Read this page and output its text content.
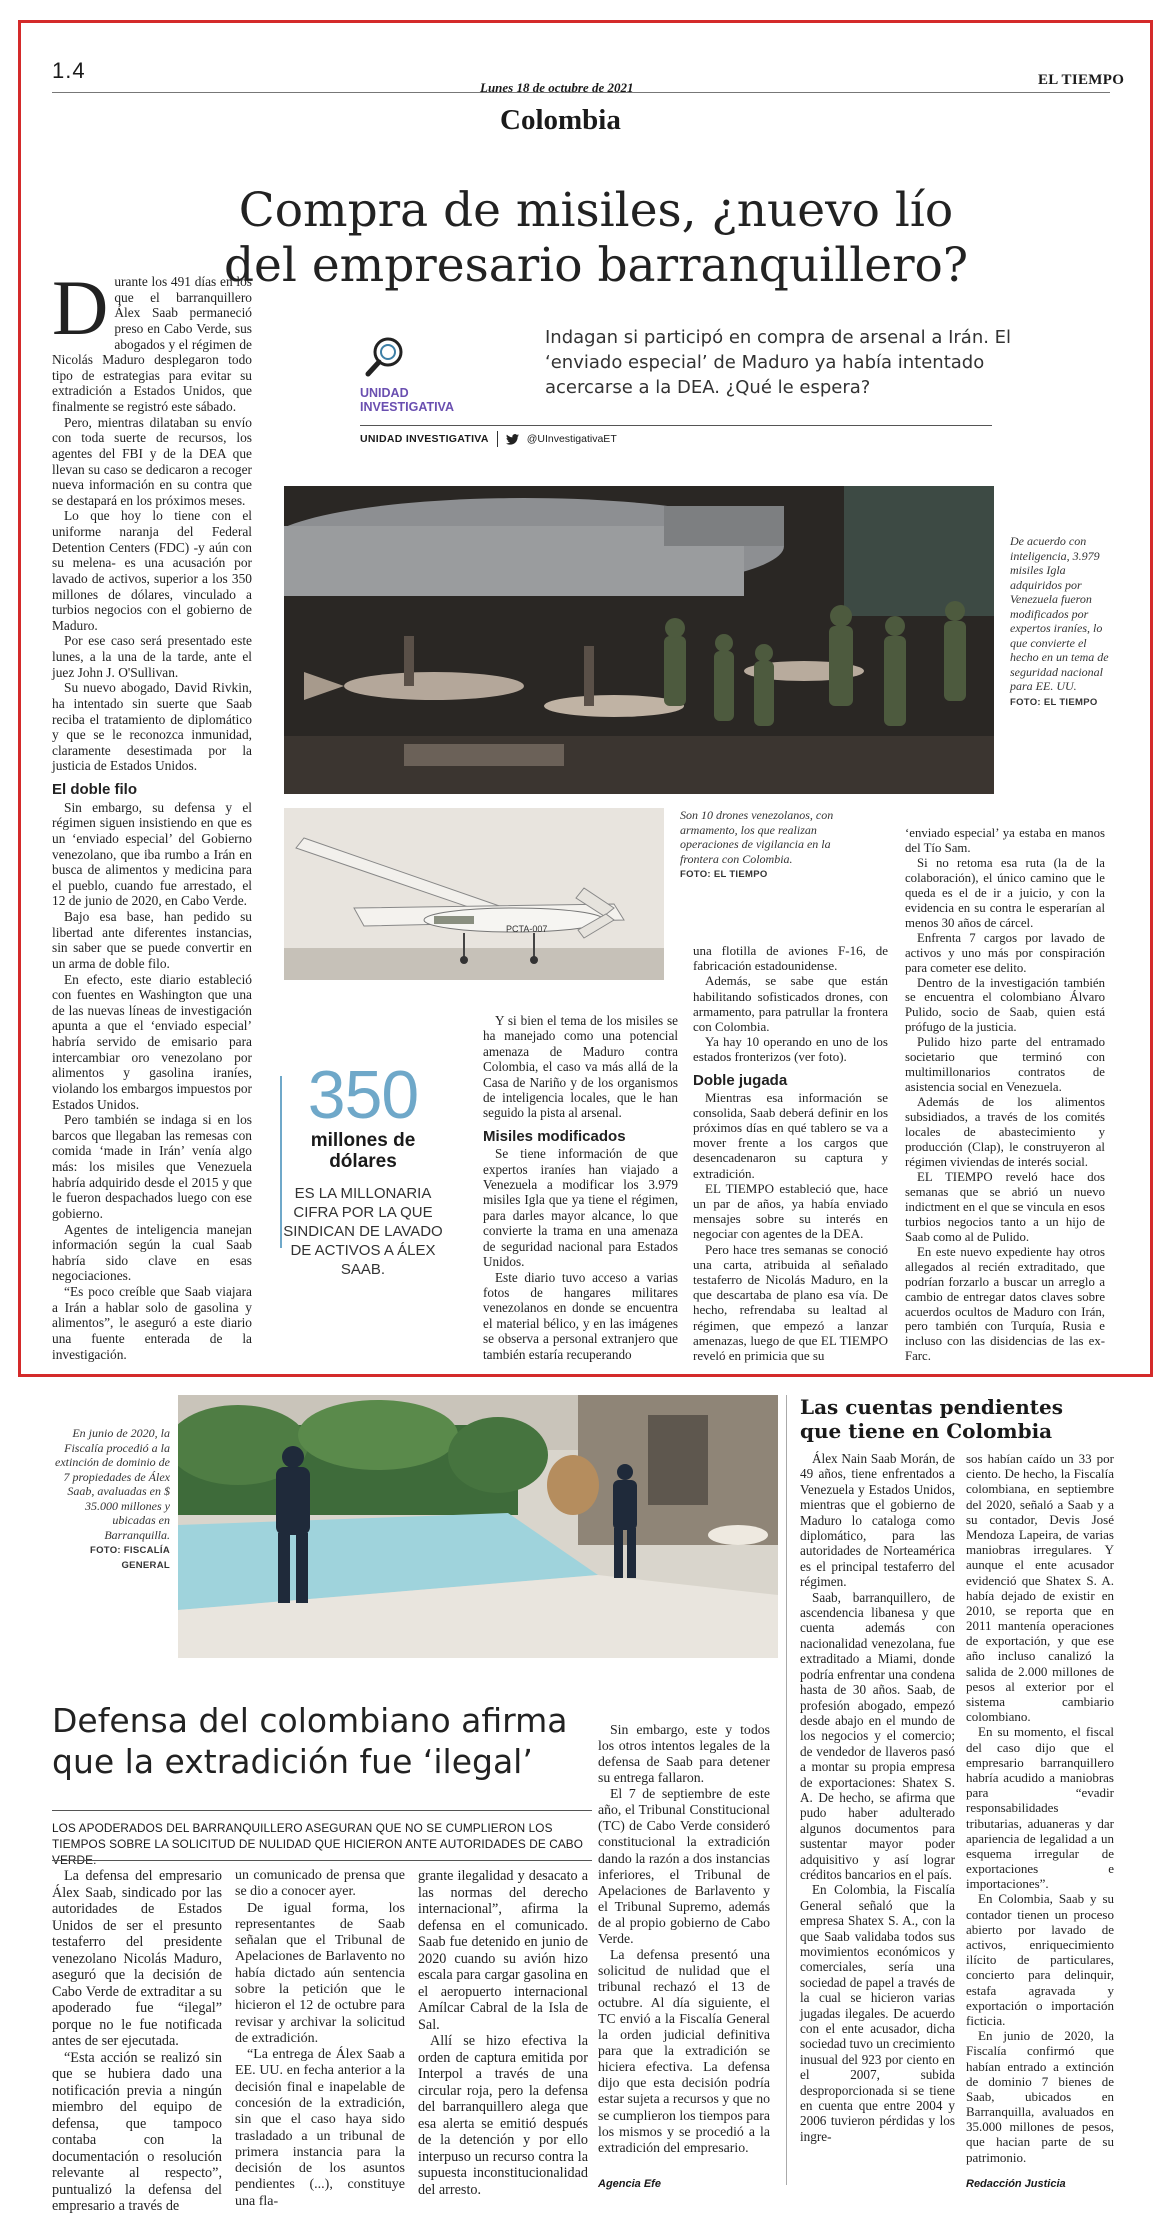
1.4
Lunes 18 de octubre de 2021	EL TIEMPO
Colombia
Compra de misiles, ¿nuevo lío
del empresario barranquillero?
UNIDAD
INVESTIGATIVA
Indagan si participó en compra de arsenal a Irán. El ‘enviado especial’ de Maduro ya había intentado acercarse a la DEA. ¿Qué le espera?
UNIDAD INVESTIGATIVA	@UInvestigativaET
D urante los 491 días en los que el barranquillero Álex Saab permaneció preso en Cabo Verde, sus abogados y el régimen de Nicolás Maduro desplegaron todo tipo de estrategias para evitar su extradición a Estados Unidos, que finalmente se registró este sábado.

Pero, mientras dilataban su envío con toda suerte de recursos, los agentes del FBI y de la DEA que llevan su caso se dedicaron a recoger nueva información en su contra que se destapará en los próximos meses.

Lo que hoy lo tiene con el uniforme naranja del Federal Detention Centers (FDC) -y aún con su melena- es una acusación por lavado de activos, superior a los 350 millones de dólares, vinculado a turbios negocios con el gobierno de Maduro.

Por ese caso será presentado este lunes, a la una de la tarde, ante el juez John J. O'Sullivan.

Su nuevo abogado, David Rivkin, ha intentado sin suerte que Saab reciba el tratamiento de diplomático y que se le reconozca inmunidad, claramente desestimada por la justicia de Estados Unidos.

El doble filo

Sin embargo, su defensa y el régimen siguen insistiendo en que es un ‘enviado especial’ del Gobierno venezolano, que iba rumbo a Irán en busca de alimentos y medicina para el pueblo, cuando fue arrestado, el 12 de junio de 2020, en Cabo Verde.

Bajo esa base, han pedido su libertad ante diferentes instancias, sin saber que se puede convertir en un arma de doble filo.

En efecto, este diario estableció con fuentes en Washington que una de las nuevas líneas de investigación apunta a que el ‘enviado especial’ habría servido de emisario para intercambiar oro venezolano por alimentos y gasolina iraníes, violando los embargos impuestos por Estados Unidos.

Pero también se indaga si en los barcos que llegaban las remesas con comida ‘made in Irán’ venía algo más: los misiles que Venezuela habría adquirido desde el 2015 y que le fueron despachados luego con ese gobierno.

Agentes de inteligencia manejan información según la cual Saab habría sido clave en esas negociaciones.

“Es poco creíble que Saab viajara a Irán a hablar solo de gasolina y alimentos”, le aseguró a este diario una fuente enterada de la investigación.

De acuerdo con inteligencia, 3.979 misiles Igla adquiridos por Venezuela fueron modificados por expertos iraníes, lo que convierte el hecho en un tema de seguridad nacional para EE. UU.
FOTO: EL TIEMPO
PCTA-007
Son 10 drones venezolanos, con armamento, los que realizan operaciones de vigilancia en la frontera con Colombia.
FOTO: EL TIEMPO
350
millones de
dólares
ES LA MILLONARIA CIFRA POR LA QUE SINDICAN DE LAVADO DE ACTIVOS A ÁLEX SAAB.

Y si bien el tema de los misiles se ha manejado como una potencial amenaza de Maduro contra Colombia, el caso va más allá de la Casa de Nariño y de los organismos de inteligencia locales, que le han seguido la pista al arsenal.

Misiles modificados

Se tiene información de que expertos iraníes han viajado a Venezuela a modificar los 3.979 misiles Igla que ya tiene el régimen, para darles mayor alcance, lo que convierte la trama en una amenaza de seguridad nacional para Estados Unidos.

Este diario tuvo acceso a varias fotos de hangares militares venezolanos en donde se encuentra el material bélico, y en las imágenes se observa a personal extranjero que también estaría recuperando

una flotilla de aviones F-16, de fabricación estadounidense.

Además, se sabe que están habilitando sofisticados drones, con armamento, para patrullar la frontera con Colombia.

Ya hay 10 operando en uno de los estados fronterizos (ver foto).

Doble jugada

Mientras esa información se consolida, Saab deberá definir en los próximos días en qué tablero se va a mover frente a los cargos que desencadenaron su captura y extradición.

EL TIEMPO estableció que, hace un par de años, ya había enviado mensajes sobre su interés en negociar con agentes de la DEA.

Pero hace tres semanas se conoció una carta, atribuida al señalado testaferro de Nicolás Maduro, en la que descartaba de plano esa vía. De hecho, refrendaba su lealtad al régimen, que empezó a lanzar amenazas, luego de que EL TIEMPO reveló en primicia que su

‘enviado especial’ ya estaba en manos del Tío Sam.

Si no retoma esa ruta (la de la colaboración), el único camino que le queda es el de ir a juicio, y con la evidencia en su contra le esperarían al menos 30 años de cárcel.

Enfrenta 7 cargos por lavado de activos y uno más por conspiración para cometer ese delito.

Dentro de la investigación también se encuentra el colombiano Álvaro Pulido, socio de Saab, quien está prófugo de la justicia.

Pulido hizo parte del entramado societario que terminó con multimillonarios contratos de asistencia social en Venezuela.

Además de los alimentos subsidiados, a través de los comités locales de abastecimiento y producción (Clap), le construyeron al régimen viviendas de interés social.

EL TIEMPO reveló hace dos semanas que se abrió un nuevo indictment en el que se vincula en esos turbios negocios tanto a un hijo de Saab como al de Pulido.

En este nuevo expediente hay otros allegados al recién extraditado, que podrían forzarlo a buscar un arreglo a cambio de entregar datos claves sobre acuerdos ocultos de Maduro con Irán, pero también con Turquía, Rusia e incluso con las disidencias de las ex-Farc.

En junio de 2020, la Fiscalía procedió a la extinción de dominio de 7 propiedades de Álex Saab, avaluadas en $ 35.000 millones y ubicadas en Barranquilla.
FOTO: FISCALÍA
GENERAL
Defensa del colombiano afirma
que la extradición fue ‘ilegal’
LOS APODERADOS DEL BARRANQUILLERO ASEGURAN QUE NO SE CUMPLIERON LOS TIEMPOS SOBRE LA SOLICITUD DE NULIDAD QUE HICIERON ANTE AUTORIDADES DE CABO VERDE.

La defensa del empresario Álex Saab, sindicado por las autoridades de Estados Unidos de ser el presunto testaferro del presidente venezolano Nicolás Maduro, aseguró que la decisión de Cabo Verde de extraditar a su apoderado fue “ilegal” porque no le fue notificada antes de ser ejecutada.

“Esta acción se realizó sin que se hubiera dado una notificación previa a ningún miembro del equipo de defensa, que tampoco contaba con la documentación o resolución relevante al respecto”, puntualizó la defensa del empresario a través de

un comunicado de prensa que se dio a conocer ayer.

De igual forma, los representantes de Saab señalan que el Tribunal de Apelaciones de Barlavento no había dictado aún sentencia sobre la petición que le hicieron el 12 de octubre para revisar y archivar la solicitud de extradición.

“La entrega de Álex Saab a EE. UU. en fecha anterior a la decisión final e inapelable de concesión de la extradición, sin que el caso haya sido trasladado a un tribunal de primera instancia para la decisión de los asuntos pendientes (...), constituye una fla-

grante ilegalidad y desacato a las normas del derecho internacional”, afirma la defensa en el comunicado. Saab fue detenido en junio de 2020 cuando su avión hizo escala para cargar gasolina en el aeropuerto internacional Amílcar Cabral de la Isla de Sal.

Allí se hizo efectiva la orden de captura emitida por Interpol a través de una circular roja, pero la defensa del barranquillero alega que esa alerta se emitió después de la detención y por ello interpuso un recurso contra la supuesta inconstitucionalidad del arresto.

Sin embargo, este y todos los otros intentos legales de la defensa de Saab para detener su entrega fallaron.

El 7 de septiembre de este año, el Tribunal Constitucional (TC) de Cabo Verde consideró constitucional la extradición dando la razón a dos instancias inferiores, el Tribunal de Apelaciones de Barlavento y el Tribunal Supremo, además de al propio gobierno de Cabo Verde.

La defensa presentó una solicitud de nulidad que el tribunal rechazó el 13 de octubre. Al día siguiente, el TC envió a la Fiscalía General la orden judicial definitiva para que la extradición se hiciera efectiva. La defensa dijo que esta decisión podría estar sujeta a recursos y que no se cumplieron los tiempos para los mismos y se procedió a la extradición del empresario.

Agencia Efe
Las cuentas pendientes
que tiene en Colombia

Álex Nain Saab Morán, de 49 años, tiene enfrentados a Venezuela y Estados Unidos, mientras que el gobierno de Maduro lo cataloga como diplomático, para las autoridades de Norteamérica es el principal testaferro del régimen.

Saab, barranquillero, de ascendencia libanesa y que cuenta además con nacionalidad venezolana, fue extraditado a Miami, donde podría enfrentar una condena hasta de 30 años. Saab, de profesión abogado, empezó desde abajo en el mundo de los negocios y el comercio; de vendedor de llaveros pasó a montar su propia empresa de exportaciones: Shatex S. A. De hecho, se afirma que pudo haber adulterado algunos documentos para sustentar mayor poder adquisitivo y así lograr créditos bancarios en el país.

En Colombia, la Fiscalía General señaló que la empresa Shatex S. A., con la que Saab validaba todos sus movimientos económicos y comerciales, sería una sociedad de papel a través de la cual se hicieron varias jugadas ilegales. De acuerdo con el ente acusador, dicha sociedad tuvo un crecimiento inusual del 923 por ciento en el 2007, subida desproporcionada si se tiene en cuenta que entre 2004 y 2006 tuvieron pérdidas y los ingre-

sos habían caído un 33 por ciento. De hecho, la Fiscalía colombiana, en septiembre del 2020, señaló a Saab y a su contador, Devis José Mendoza Lapeira, de varias maniobras irregulares. Y aunque el ente acusador evidenció que Shatex S. A. había dejado de existir en 2010, se reporta que en 2011 mantenía operaciones de exportación, y que ese año incluso canalizó la salida de 2.000 millones de pesos al exterior por el sistema cambiario colombiano.

En su momento, el fiscal del caso dijo que el empresario barranquillero habría acudido a maniobras para “evadir responsabilidades tributarias, aduaneras y dar apariencia de legalidad a un esquema irregular de exportaciones e importaciones”.

En Colombia, Saab y su contador tienen un proceso abierto por lavado de activos, enriquecimiento ilícito de particulares, concierto para delinquir, estafa agravada y exportación o importación ficticia.

En junio de 2020, la Fiscalía confirmó que habían entrado a extinción de dominio 7 bienes de Saab, ubicados en Barranquilla, avaluados en 35.000 millones de pesos, que hacian parte de su patrimonio.

Redacción Justicia
